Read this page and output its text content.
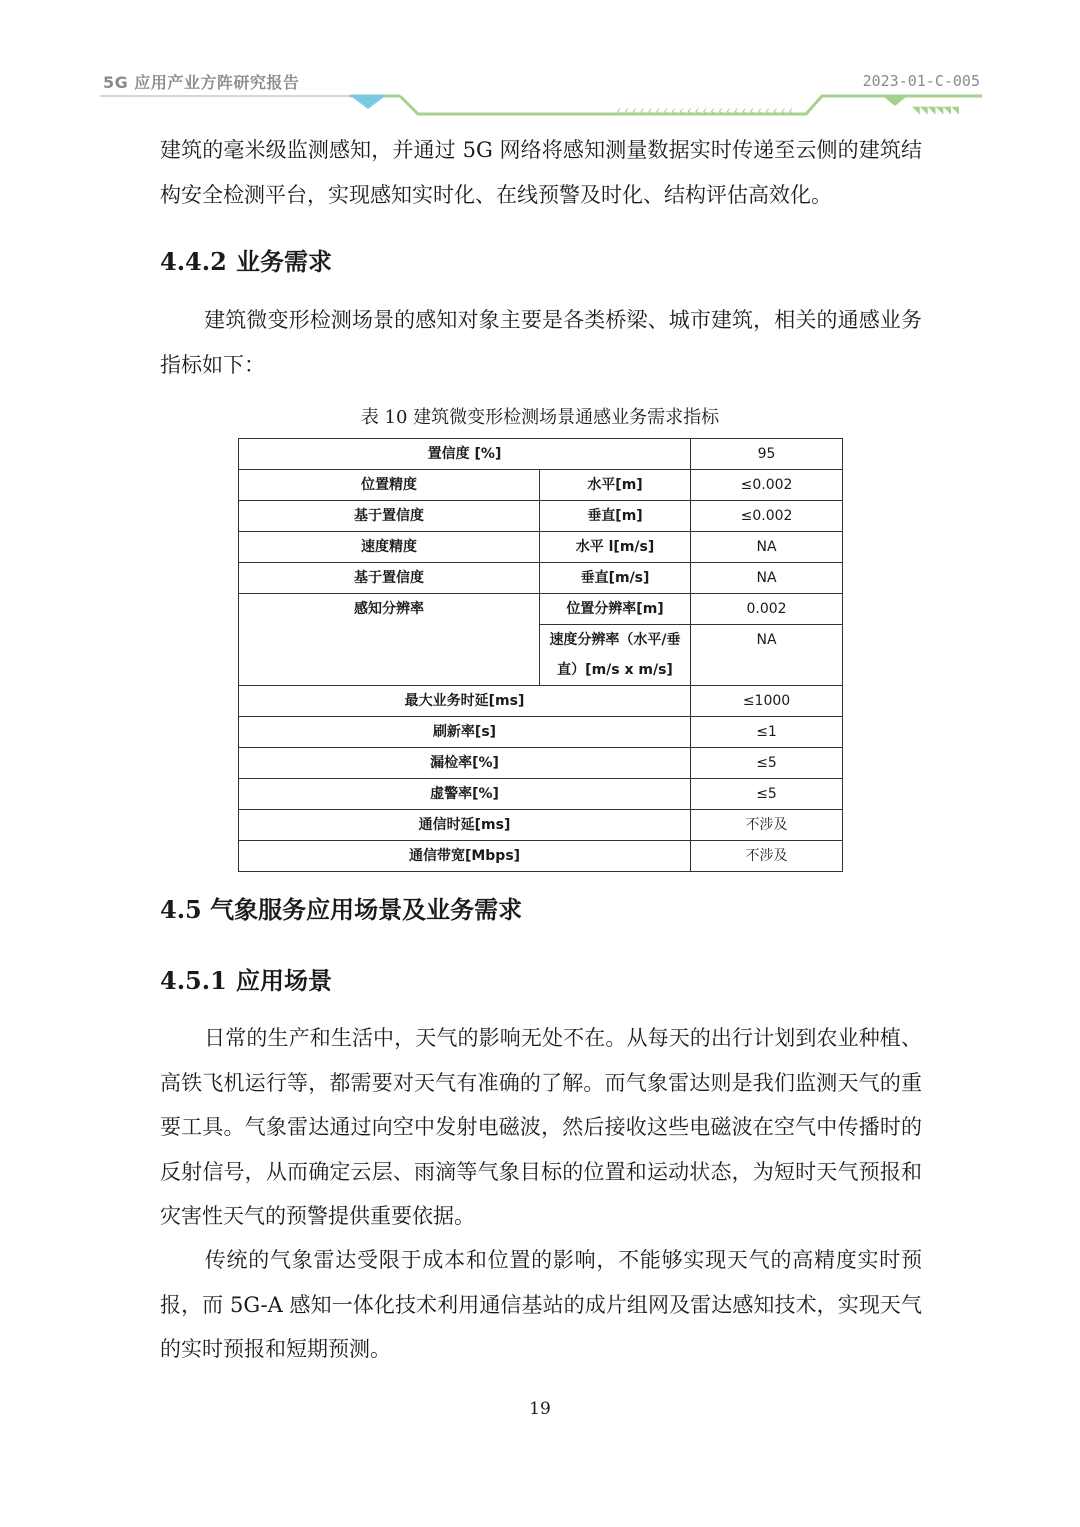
5G 应用产业方阵研究报告	2023-01-C-005
‹‹‹‹‹‹‹‹‹‹‹‹‹‹‹‹‹‹‹‹‹‹‹	◥◥◥◥◥◥

建筑的毫米级监测感知，并通过 5G 网络将感知测量数据实时传递至云侧的建筑结构安全检测平台，实现感知实时化、在线预警及时化、结构评估高效化。

4.4.2 业务需求

建筑微变形检测场景的感知对象主要是各类桥梁、城市建筑，相关的通感业务指标如下：

表 10 建筑微变形检测场景通感业务需求指标

置信度 [%]		95
位置精度	水平[m]	≤0.002
基于置信度	垂直[m]	≤0.002
速度精度	水平 l[m/s]	NA
基于置信度	垂直[m/s]	NA
感知分辨率	位置分辨率[m]	0.002
	速度分辨率（水平/垂
直）[m/s x m/s]	NA
最大业务时延[ms]		≤1000
刷新率[s]		≤1
漏检率[%]		≤5
虚警率[%]		≤5
通信时延[ms]		不涉及
通信带宽[Mbps]		不涉及
4.5 气象服务应用场景及业务需求
4.5.1 应用场景

日常的生产和生活中，天气的影响无处不在。从每天的出行计划到农业种植、高铁飞机运行等，都需要对天气有准确的了解。而气象雷达则是我们监测天气的重要工具。气象雷达通过向空中发射电磁波，然后接收这些电磁波在空气中传播时的反射信号，从而确定云层、雨滴等气象目标的位置和运动状态，为短时天气预报和灾害性天气的预警提供重要依据。

传统的气象雷达受限于成本和位置的影响，不能够实现天气的高精度实时预报，而 5G-A 感知一体化技术利用通信基站的成片组网及雷达感知技术，实现天气的实时预报和短期预测。

19
